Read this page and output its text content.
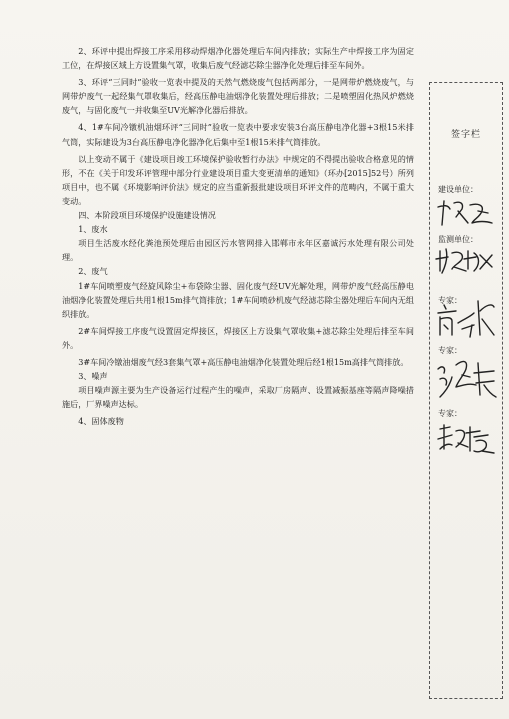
2、环评中提出焊接工序采用移动焊烟净化器处理后车间内排放；实际生产中焊接工序为固定工位，在焊接区域上方设置集气罩，收集后废气经滤芯除尘器净化处理后排至车间外。

3、环评“三同时”验收一览表中提及的天然气燃烧废气包括两部分，一是网带炉燃烧废气，与网带炉废气一起经集气罩收集后，经高压静电油烟净化装置处理后排放；二是喷塑固化热风炉燃烧废气，与固化废气一并收集至UV光解净化器后排放。

4、1#车间冷镦机油烟环评“三同时”验收一览表中要求安装3台高压静电净化器+3根15米排气筒，实际建设为3台高压静电净化器净化后集中至1根15米排气筒排放。

以上变动不属于《建设项目竣工环境保护验收暂行办法》中规定的不得提出验收合格意见的情形，不在《关于印发环评管理中部分行业建设项目重大变更清单的通知》（环办[2015]52号）所列项目中，也不属《环境影响评价法》规定的应当重新报批建设项目环评文件的范畴内，不属于重大变动。

四、本阶段项目环境保护设施建设情况

1、废水

项目生活废水经化粪池预处理后由园区污水管网排入邯郸市永年区嘉诚污水处理有限公司处理。

2、废气

1#车间喷塑废气经旋风除尘+布袋除尘器、固化废气经UV光解处理，网带炉废气经高压静电油烟净化装置处理后共用1根15m排气筒排放；1#车间喷砂机废气经滤芯除尘器处理后车间内无组织排放。

2#车间焊接工序废气设置固定焊接区，焊接区上方设集气罩收集+滤芯除尘处理后排至车间外。

3#车间冷镦油烟废气经3套集气罩+高压静电油烟净化装置处理后经1根15m高排气筒排放。

3、噪声

项目噪声源主要为生产设备运行过程产生的噪声，采取厂房隔声、设置减振基座等隔声降噪措施后，厂界噪声达标。

4、固体废物

签字栏
建设单位：
监测单位：
专家：
专家：
专家：
